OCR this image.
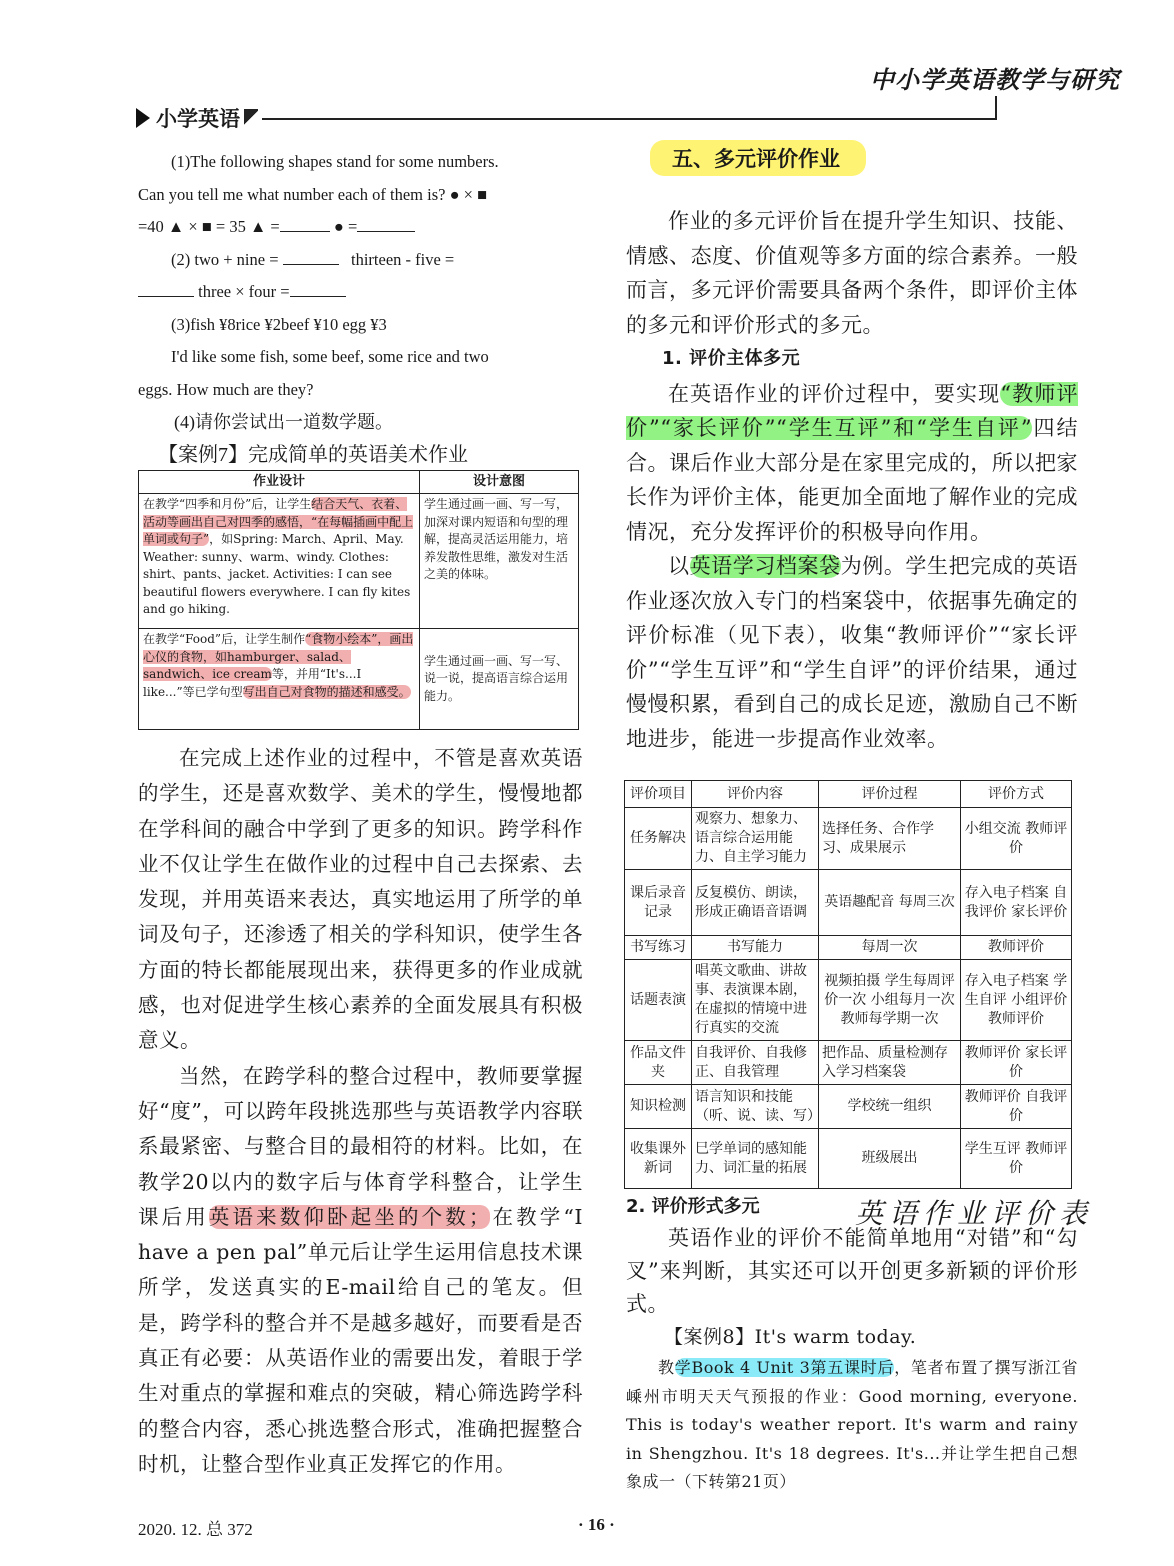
中小学英语教学与研究
小学英语

(1)The following shapes stand for some numbers.

Can you tell me what number each of them is? ● × ■

=40 ▲ × ■ = 35 ▲ =	● =

(2) two + nine =	thirteen - five =

three × four =

(3)fish ¥8rice ¥2beef ¥10 egg ¥3

I'd like some fish, some beef, some rice and two

eggs. How much are they?

(4)请你尝试出一道数学题。

【案例7】完成简单的英语美术作业

作业设计	设计意图
在教学“四季和月份”后，让学生结合天气、衣着、活动等画出自己对四季的感悟，“在每幅插画中配上单词或句子”，如Spring: March、April、May. Weather: sunny、warm、windy. Clothes: shirt、pants、jacket. Activities: I can see beautiful flowers everywhere. I can fly kites and go hiking.	学生通过画一画、写一写，加深对课内短语和句型的理解，提高灵活运用能力，培养发散性思维，激发对生活之美的体味。
在教学“Food”后，让学生制作“食物小绘本”，画出心仪的食物，如hamburger、salad、sandwich、ice cream等，并用“It's...I like...”等已学句型写出自己对食物的描述和感受。	学生通过画一画、写一写、说一说，提高语言综合运用能力。

在完成上述作业的过程中，不管是喜欢英语的学生，还是喜欢数学、美术的学生，慢慢地都在学科间的融合中学到了更多的知识。跨学科作业不仅让学生在做作业的过程中自己去探索、去发现，并用英语来表达，真实地运用了所学的单词及句子，还渗透了相关的学科知识，使学生各方面的特长都能展现出来，获得更多的作业成就感，也对促进学生核心素养的全面发展具有积极意义。

当然，在跨学科的整合过程中，教师要掌握好“度”，可以跨年段挑选那些与英语教学内容联系最紧密、与整合目的最相符的材料。比如，在教学20以内的数字后与体育学科整合，让学生课后用英语来数仰卧起坐的个数；在教学“I have a pen pal”单元后让学生运用信息技术课所学，发送真实的E-mail给自己的笔友。但是，跨学科的整合并不是越多越好，而要看是否真正有必要：从英语作业的需要出发，着眼于学生对重点的掌握和难点的突破，精心筛选跨学科的整合内容，悉心挑选整合形式，准确把握整合时机，让整合型作业真正发挥它的作用。

五、多元评价作业

作业的多元评价旨在提升学生知识、技能、情感、态度、价值观等多方面的综合素养。一般而言，多元评价需要具备两个条件，即评价主体的多元和评价形式的多元。

1. 评价主体多元

在英语作业的评价过程中，要实现“教师评价”“家长评价”“学生互评”和“学生自评”四结合。课后作业大部分是在家里完成的，所以把家长作为评价主体，能更加全面地了解作业的完成情况，充分发挥评价的积极导向作用。

以英语学习档案袋为例。学生把完成的英语作业逐次放入专门的档案袋中，依据事先确定的评价标准（见下表），收集“教师评价”“家长评价”“学生互评”和“学生自评”的评价结果，通过慢慢积累，看到自己的成长足迹，激励自己不断地进步，能进一步提高作业效率。

评价项目	评价内容	评价过程	评价方式
任务解决	观察力、想象力、语言综合运用能力、自主学习能力	选择任务、合作学习、成果展示	小组交流 教师评价
课后录音记录	反复模仿、朗读，形成正确语音语调	英语趣配音 每周三次	存入电子档案 自我评价 家长评价
书写练习	书写能力	每周一次	教师评价
话题表演	唱英文歌曲、讲故事、表演课本剧，在虚拟的情境中进行真实的交流	视频拍摄 学生每周评价一次 小组每月一次 教师每学期一次	存入电子档案 学生自评 小组评价 教师评价
作品文件夹	自我评价、自我修正、自我管理	把作品、质量检测存入学习档案袋	教师评价 家长评价
知识检测	语言知识和技能（听、说、读、写）	学校统一组织	教师评价 自我评价
收集课外新词	巳学单词的感知能力、词汇量的拓展	班级展出	学生互评 教师评价
2. 评价形式多元	英语作业评价表

英语作业的评价不能简单地用“对错”和“勾叉”来判断，其实还可以开创更多新颖的评价形式。

【案例8】It's warm today.

教学Book 4 Unit 3第五课时后，笔者布置了撰写浙江省嵊州市明天天气预报的作业：Good morning, everyone. This is today's weather report. It's warm and rainy in Shengzhou. It's 18 degrees. It's...并让学生把自己想象成一（下转第21页）

2020. 12. 总 372	· 16 ·
